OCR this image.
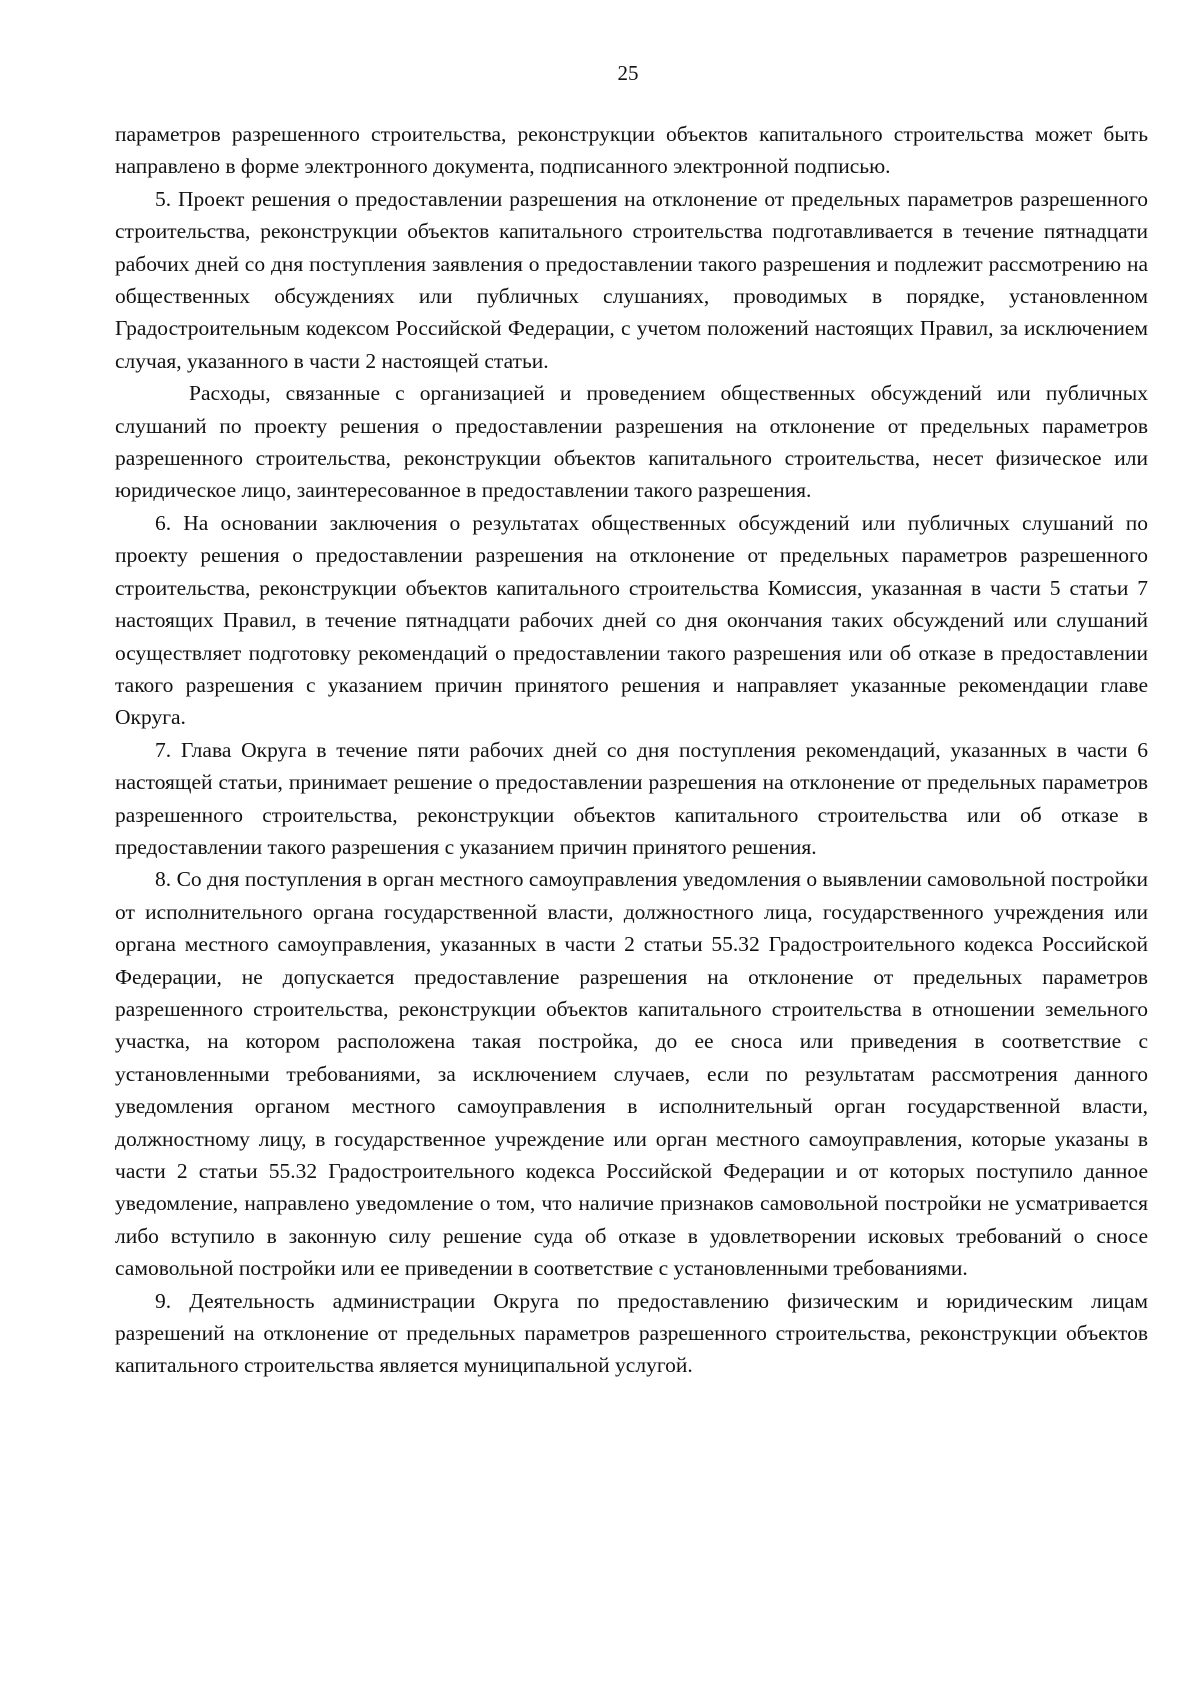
25

параметров разрешенного строительства, реконструкции объектов капитального строительства может быть направлено в форме электронного документа, подписанного электронной подписью.

5. Проект решения о предоставлении разрешения на отклонение от предельных параметров разрешенного строительства, реконструкции объектов капитального строительства подготавливается в течение пятнадцати рабочих дней со дня поступления заявления о предоставлении такого разрешения и подлежит рассмотрению на общественных обсуждениях или публичных слушаниях, проводимых в порядке, установленном Градостроительным кодексом Российской Федерации, с учетом положений настоящих Правил, за исключением случая, указанного в части 2 настоящей статьи.

Расходы, связанные с организацией и проведением общественных обсуждений или публичных слушаний по проекту решения о предоставлении разрешения на отклонение от предельных параметров разрешенного строительства, реконструкции объектов капитального строительства, несет физическое или юридическое лицо, заинтересованное в предоставлении такого разрешения.

6. На основании заключения о результатах общественных обсуждений или публичных слушаний по проекту решения о предоставлении разрешения на отклонение от предельных параметров разрешенного строительства, реконструкции объектов капитального строительства Комиссия, указанная в части 5 статьи 7 настоящих Правил, в течение пятнадцати рабочих дней со дня окончания таких обсуждений или слушаний осуществляет подготовку рекомендаций о предоставлении такого разрешения или об отказе в предоставлении такого разрешения с указанием причин принятого решения и направляет указанные рекомендации главе Округа.

7. Глава Округа в течение пяти рабочих дней со дня поступления рекомендаций, указанных в части 6 настоящей статьи, принимает решение о предоставлении разрешения на отклонение от предельных параметров разрешенного строительства, реконструкции объектов капитального строительства или об отказе в предоставлении такого разрешения с указанием причин принятого решения.

8. Со дня поступления в орган местного самоуправления уведомления о выявлении самовольной постройки от исполнительного органа государственной власти, должностного лица, государственного учреждения или органа местного самоуправления, указанных в части 2 статьи 55.32 Градостроительного кодекса Российской Федерации, не допускается предоставление разрешения на отклонение от предельных параметров разрешенного строительства, реконструкции объектов капитального строительства в отношении земельного участка, на котором расположена такая постройка, до ее сноса или приведения в соответствие с установленными требованиями, за исключением случаев, если по результатам рассмотрения данного уведомления органом местного самоуправления в исполнительный орган государственной власти, должностному лицу, в государственное учреждение или орган местного самоуправления, которые указаны в части 2 статьи 55.32 Градостроительного кодекса Российской Федерации и от которых поступило данное уведомление, направлено уведомление о том, что наличие признаков самовольной постройки не усматривается либо вступило в законную силу решение суда об отказе в удовлетворении исковых требований о сносе самовольной постройки или ее приведении в соответствие с установленными требованиями.

9. Деятельность администрации Округа по предоставлению физическим и юридическим лицам разрешений на отклонение от предельных параметров разрешенного строительства, реконструкции объектов капитального строительства является муниципальной услугой.
